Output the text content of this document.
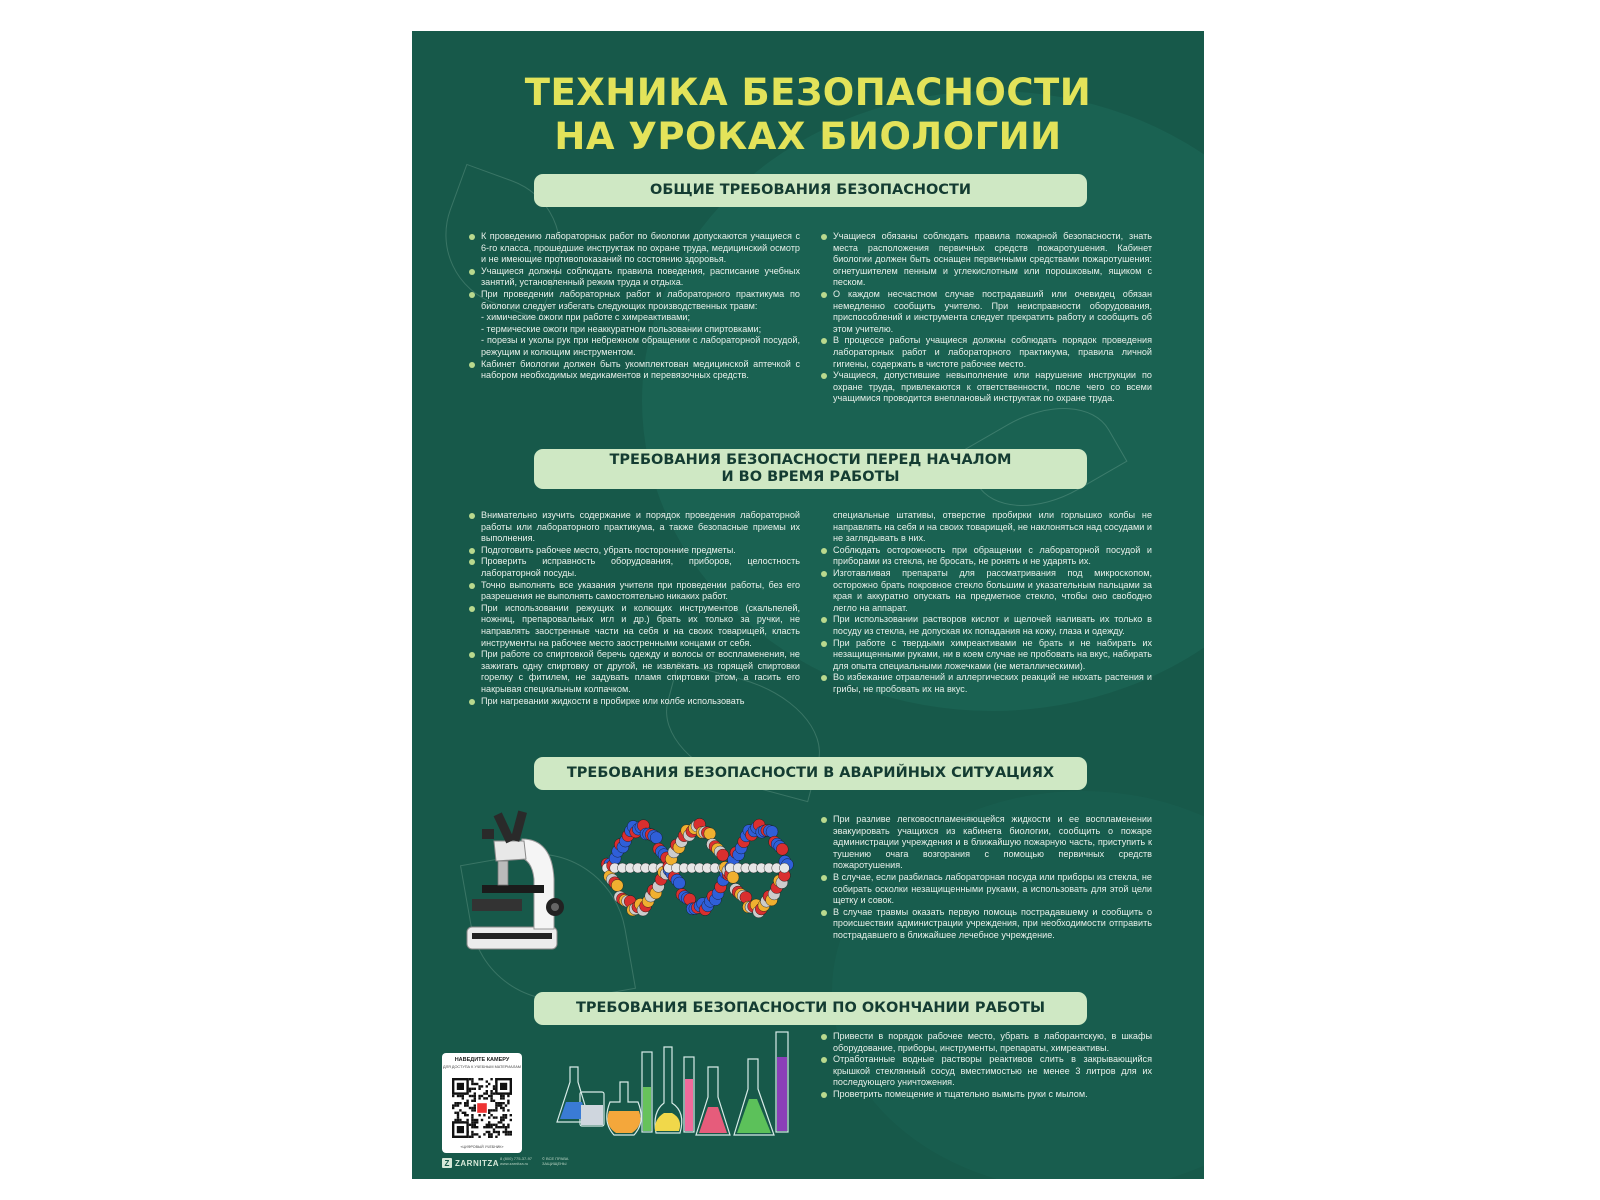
ТЕХНИКА БЕЗОПАСНОСТИ
НА УРОКАХ БИОЛОГИИ
ОБЩИЕ ТРЕБОВАНИЯ БЕЗОПАСНОСТИ
К проведению лабораторных работ по биологии допускаются учащиеся с 6-го класса, прошедшие инструктаж по охране труда, медицинский осмотр и не имеющие противопоказаний по состоянию здоровья.
Учащиеся должны соблюдать правила поведения, расписание учебных занятий, установленный режим труда и отдыха.
При проведении лабораторных работ и лабораторного практикума по биологии следует избегать следующих производственных травм:
- химические ожоги при работе с химреактивами;
- термические ожоги при неаккуратном пользовании спиртовками;
- порезы и уколы рук при небрежном обращении с лабораторной посудой, режущим и колющим инструментом.
Кабинет биологии должен быть укомплектован медицинской аптечкой с набором необходимых медикаментов и перевязочных средств.
Учащиеся обязаны соблюдать правила пожарной безопасности, знать места расположения первичных средств пожаротушения. Кабинет биологии должен быть оснащен первичными средствами пожаротушения: огнетушителем пенным и углекислотным или порошковым, ящиком с песком.
О каждом несчастном случае пострадавший или очевидец обязан немедленно сообщить учителю. При неисправности оборудования, приспособлений и инструмента следует прекратить работу и сообщить об этом учителю.
В процессе работы учащиеся должны соблюдать порядок проведения лабораторных работ и лабораторного практикума, правила личной гигиены, содержать в чистоте рабочее место.
Учащиеся, допустившие невыполнение или нарушение инструкции по охране труда, привлекаются к ответственности, после чего со всеми учащимися проводится внеплановый инструктаж по охране труда.
ТРЕБОВАНИЯ БЕЗОПАСНОСТИ ПЕРЕД НАЧАЛОМ
И ВО ВРЕМЯ РАБОТЫ
Внимательно изучить содержание и порядок проведения лабораторной работы или лабораторного практикума, а также безопасные приемы их выполнения.
Подготовить рабочее место, убрать посторонние предметы.
Проверить исправность оборудования, приборов, целостность лабораторной посуды.
Точно выполнять все указания учителя при проведении работы, без его разрешения не выполнять самостоятельно никаких работ.
При использовании режущих и колющих инструментов (скальпелей, ножниц, препаровальных игл и др.) брать их только за ручки, не направлять заостренные части на себя и на своих товарищей, класть инструменты на рабочее место заостренными концами от себя.
При работе со спиртовкой беречь одежду и волосы от воспламенения, не зажигать одну спиртовку от другой, не извлекать из горящей спиртовки горелку с фитилем, не задувать пламя спиртовки ртом, а гасить его накрывая специальным колпачком.
При нагревании жидкости в пробирке или колбе использовать
специальные штативы, отверстие пробирки или горлышко колбы не направлять на себя и на своих товарищей, не наклоняться над сосудами и не заглядывать в них.
Соблюдать осторожность при обращении с лабораторной посудой и приборами из стекла, не бросать, не ронять и не ударять их.
Изготавливая препараты для рассматривания под микроскопом, осторожно брать покровное стекло большим и указательным пальцами за края и аккуратно опускать на предметное стекло, чтобы оно свободно легло на аппарат.
При использовании растворов кислот и щелочей наливать их только в посуду из стекла, не допуская их попадания на кожу, глаза и одежду.
При работе с твердыми химреактивами не брать и не набирать их незащищенными руками, ни в коем случае не пробовать на вкус, набирать для опыта специальными ложечками (не металлическими).
Во избежание отравлений и аллергических реакций не нюхать растения и грибы, не пробовать их на вкус.
ТРЕБОВАНИЯ БЕЗОПАСНОСТИ В АВАРИЙНЫХ СИТУАЦИЯХ
При разливе легковоспламеняющейся жидкости и ее воспламенении эвакуировать учащихся из кабинета биологии, сообщить о пожаре администрации учреждения и в ближайшую пожарную часть, приступить к тушению очага возгорания с помощью первичных средств пожаротушения.
В случае, если разбилась лабораторная посуда или приборы из стекла, не собирать осколки незащищенными руками, а использовать для этой цели щетку и совок.
В случае травмы оказать первую помощь пострадавшему и сообщить о происшествии администрации учреждения, при необходимости отправить пострадавшего в ближайшее лечебное учреждение.
ТРЕБОВАНИЯ БЕЗОПАСНОСТИ ПО ОКОНЧАНИИ РАБОТЫ
Привести в порядок рабочее место, убрать в лаборантскую, в шкафы оборудование, приборы, инструменты, препараты, химреактивы.
Отработанные водные растворы реактивов слить в закрывающийся крышкой стеклянный сосуд вместимостью не менее 3 литров для их последующего уничтожения.
Проветрить помещение и тщательно вымыть руки с мылом.
НАВЕДИТЕ КАМЕРУ
ДЛЯ ДОСТУПА К УЧЕБНЫМ МАТЕРИАЛАМ
«ЦИФРОВЫЙ УЧЕБНИК»
Z ZARNITZA 8 (800) 775-37-97
www.zarnitza.ru
© ВСЕ ПРАВА
ЗАЩИЩЕНЫ
